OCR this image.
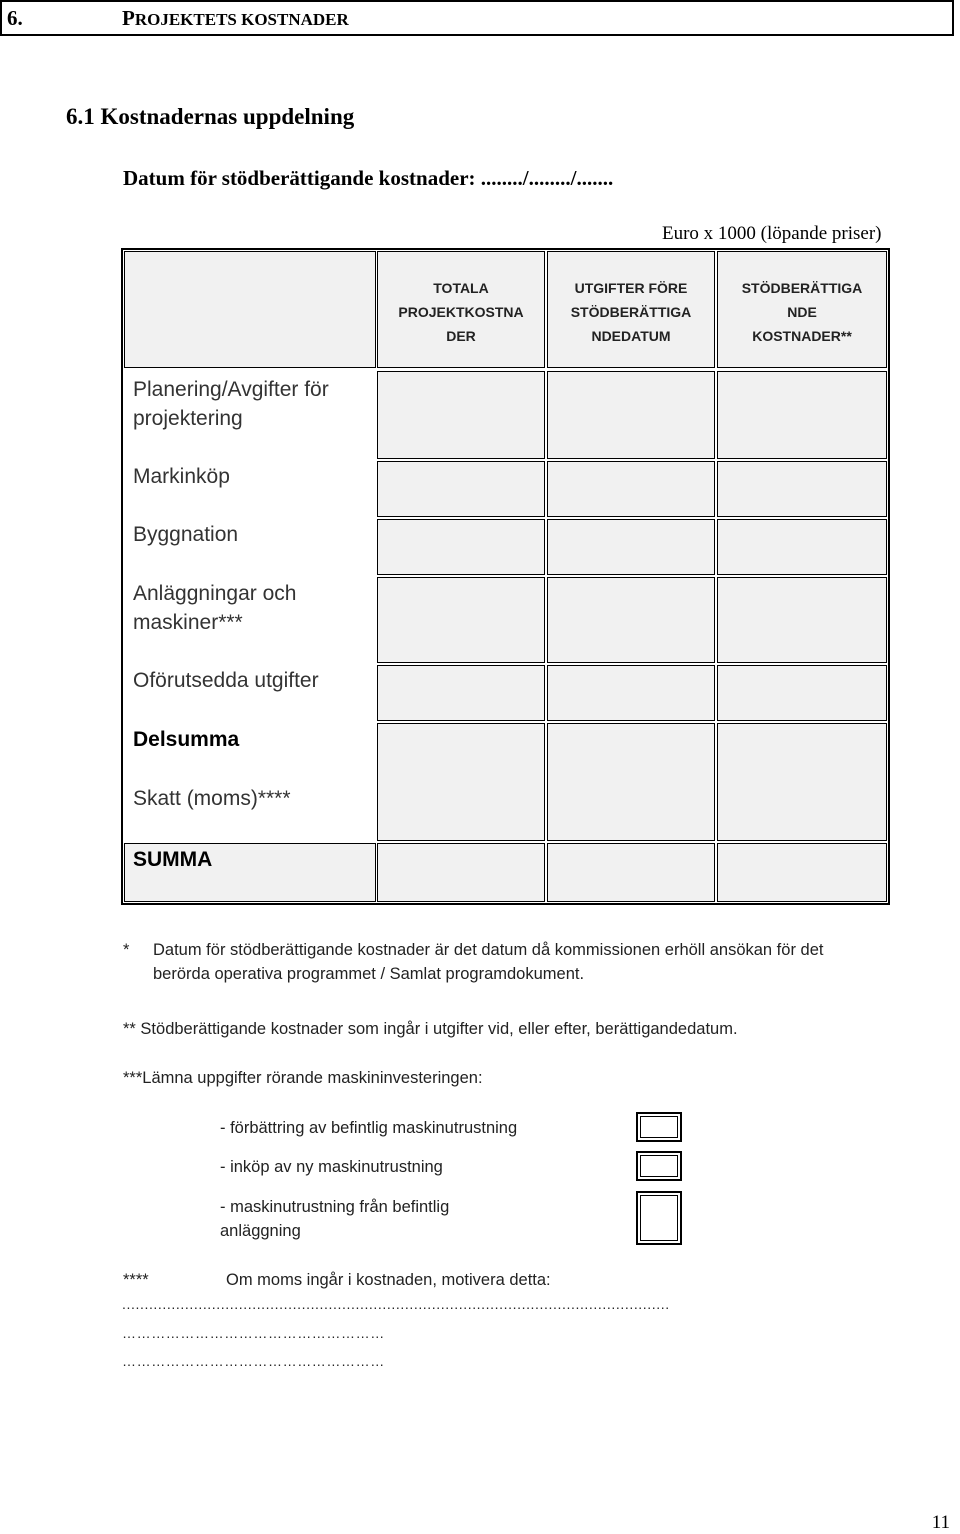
6.	PROJEKTETS KOSTNADER
6.1 Kostnadernas uppdelning
Datum för stödberättigande kostnader: ......../......../.......
Euro x 1000 (löpande priser)
TOTALA
PROJEKTKOSTNA
DER
UTGIFTER FÖRE
STÖDBERÄTTIGA
NDEDATUM
STÖDBERÄTTIGA
NDE
KOSTNADER**
Planering/Avgifter för projektering
Markinköp
Byggnation
Anläggningar och maskiner***
Oförutsedda utgifter
Delsumma
Skatt (moms)****
SUMMA
* Datum för stödberättigande kostnader är det datum då kommissionen erhöll ansökan för det
berörda operativa programmet / Samlat programdokument.
** Stödberättigande kostnader som ingår i utgifter vid, eller efter, berättigandedatum.
***Lämna uppgifter rörande maskininvesteringen:
- förbättring av befintlig maskinutrustning
- inköp av ny maskinutrustning
- maskinutrustning från befintlig anläggning
****	Om moms ingår i kostnaden, motivera detta:
..........................................................................................................................
………………………………………………
………………………………………………
11
